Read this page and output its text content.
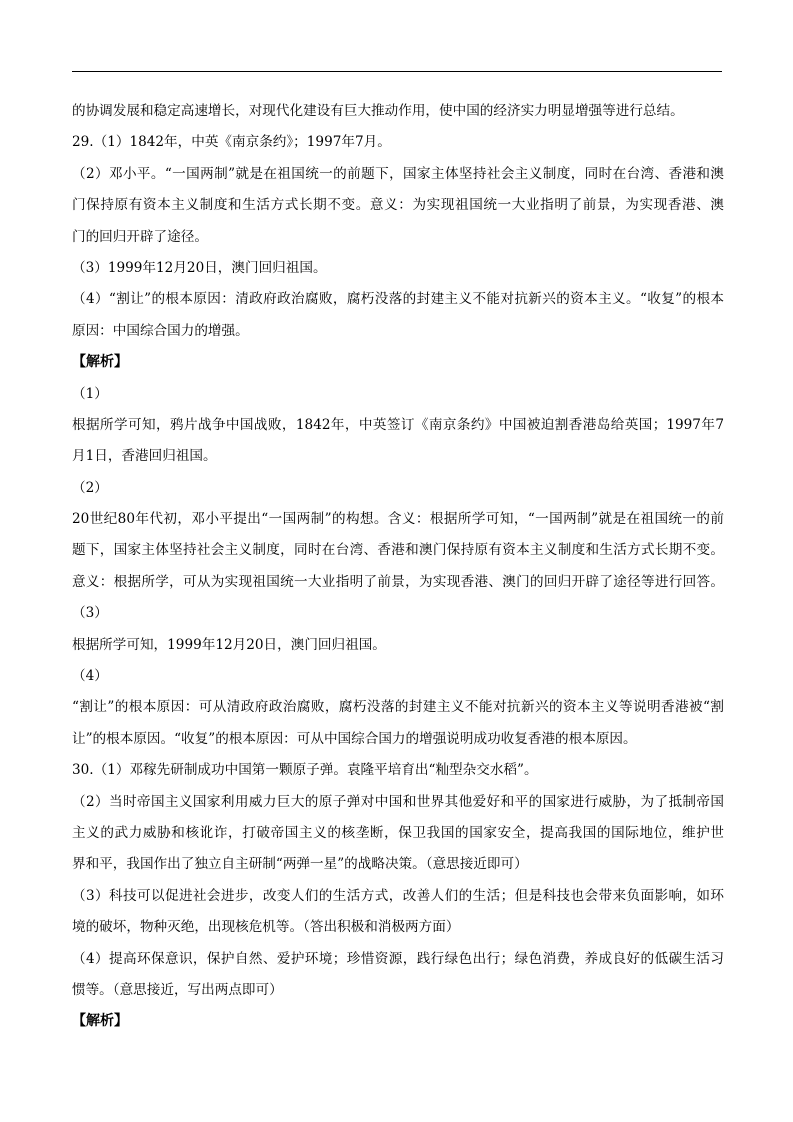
的协调发展和稳定高速增长，对现代化建设有巨大推动作用，使中国的经济实力明显增强等进行总结。
29.（1）1842年，中英《南京条约》；1997年7月。
（2）邓小平。“一国两制”就是在祖国统一的前题下，国家主体坚持社会主义制度，同时在台湾、香港和澳
门保持原有资本主义制度和生活方式长期不变。意义：为实现祖国统一大业指明了前景，为实现香港、澳
门的回归开辟了途径。
（3）1999年12月20日，澳门回归祖国。
（4）“割让”的根本原因：清政府政治腐败，腐朽没落的封建主义不能对抗新兴的资本主义。“收复”的根本
原因：中国综合国力的增强。
【解析】
（1）
根据所学可知，鸦片战争中国战败，1842年，中英签订《南京条约》中国被迫割香港岛给英国；1997年7
月1日，香港回归祖国。
（2）
20世纪80年代初，邓小平提出“一国两制”的构想。含义：根据所学可知，“一国两制”就是在祖国统一的前
题下，国家主体坚持社会主义制度，同时在台湾、香港和澳门保持原有资本主义制度和生活方式长期不变。
意义：根据所学，可从为实现祖国统一大业指明了前景，为实现香港、澳门的回归开辟了途径等进行回答。
（3）
根据所学可知，1999年12月20日，澳门回归祖国。
（4）
“割让”的根本原因：可从清政府政治腐败，腐朽没落的封建主义不能对抗新兴的资本主义等说明香港被“割
让”的根本原因。“收复”的根本原因：可从中国综合国力的增强说明成功收复香港的根本原因。
30.（1）邓稼先研制成功中国第一颗原子弹。袁隆平培育出“籼型杂交水稻”。
（2）当时帝国主义国家利用威力巨大的原子弹对中国和世界其他爱好和平的国家进行威胁，为了抵制帝国
主义的武力威胁和核讹诈，打破帝国主义的核垄断，保卫我国的国家安全，提高我国的国际地位，维护世
界和平，我国作出了独立自主研制“两弹一星”的战略决策。（意思接近即可）
（3）科技可以促进社会进步，改变人们的生活方式，改善人们的生活；但是科技也会带来负面影响，如环
境的破坏，物种灭绝，出现核危机等。（答出积极和消极两方面）
（4）提高环保意识，保护自然、爱护环境；珍惜资源，践行绿色出行；绿色消费，养成良好的低碳生活习
惯等。（意思接近，写出两点即可）
【解析】
